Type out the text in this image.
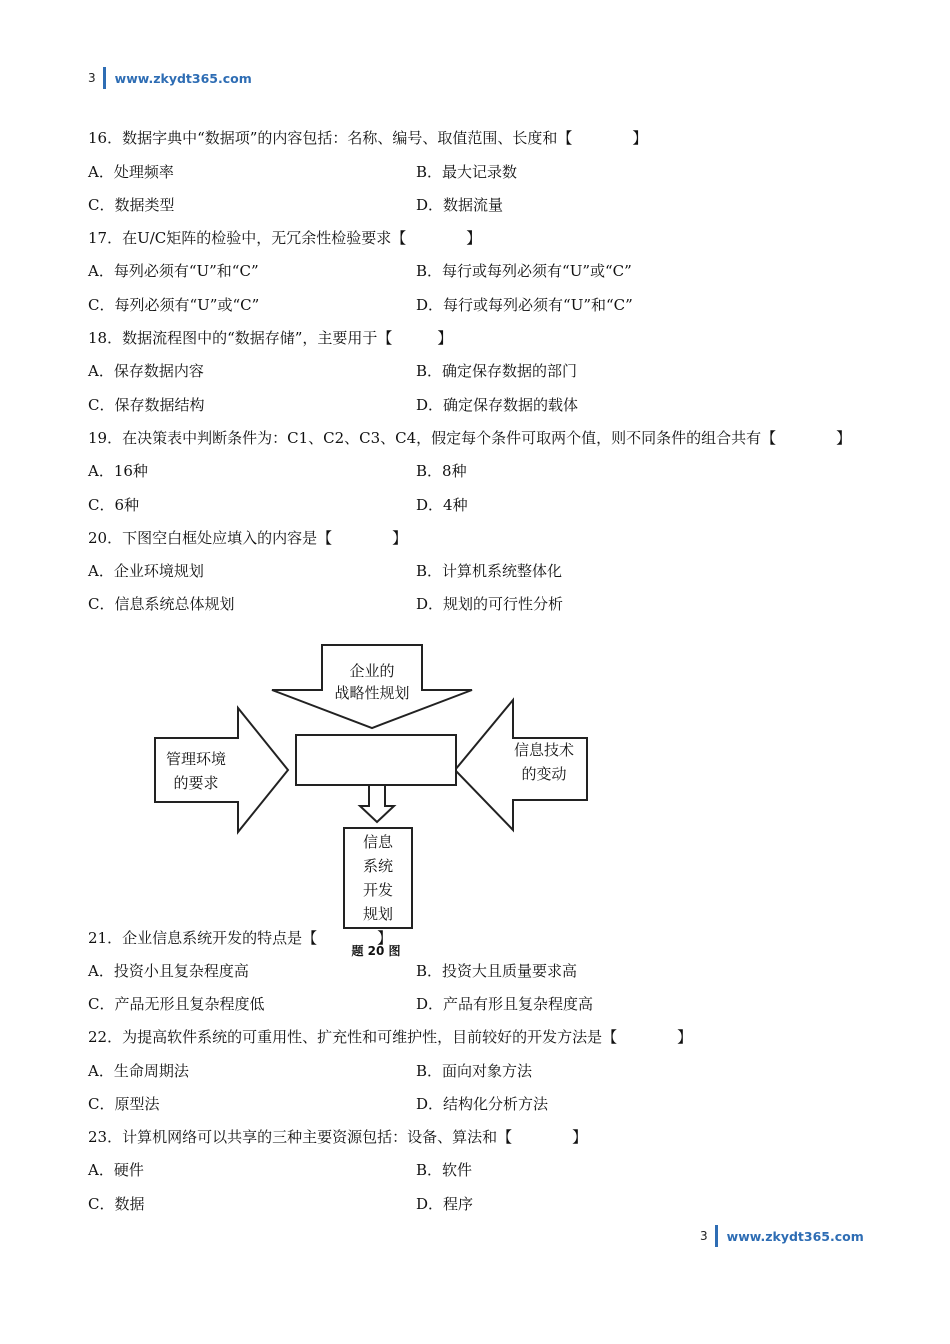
3 www.zkydt365.com
16．数据字典中“数据项”的内容包括：名称、编号、取值范围、长度和【　　　　】
A．处理频率	B．最大记录数
C．数据类型	D．数据流量
17．在U/C矩阵的检验中，无冗余性检验要求【　　　　】
A．每列必须有“U”和“C”	B．每行或每列必须有“U”或“C”
C．每列必须有“U”或“C”	D．每行或每列必须有“U”和“C”
18．数据流程图中的“数据存储”，主要用于【　　　】
A．保存数据内容	B．确定保存数据的部门
C．保存数据结构	D．确定保存数据的载体
19．在决策表中判断条件为：C1、C2、C3、C4，假定每个条件可取两个值，则不同条件的组合共有【　　　　】
A．16种	B．8种
C．6种	D．4种
20．下图空白框处应填入的内容是【　　　　】
A．企业环境规划	B．计算机系统整体化
C．信息系统总体规划	D．规划的可行性分析
企业的
战略性规划
管理环境
的要求
信息技术
的变动
信息
系统
开发
规划
题 20 图
21．企业信息系统开发的特点是【　　　　】
A．投资小且复杂程度高	B．投资大且质量要求高
C．产品无形且复杂程度低	D．产品有形且复杂程度高
22．为提高软件系统的可重用性、扩充性和可维护性，目前较好的开发方法是【　　　　】
A．生命周期法	B．面向对象方法
C．原型法	D．结构化分析方法
23．计算机网络可以共享的三种主要资源包括：设备、算法和【　　　　】
A．硬件	B．软件
C．数据	D．程序
3 www.zkydt365.com
